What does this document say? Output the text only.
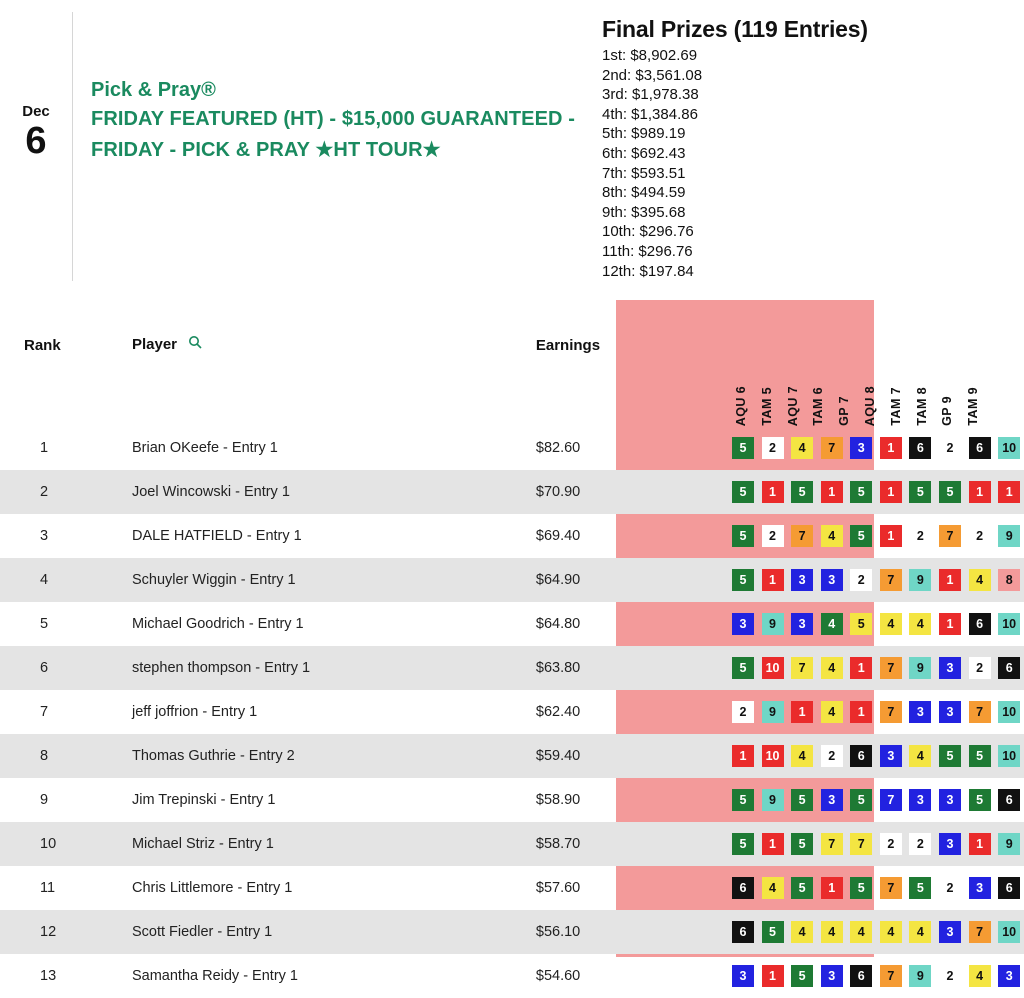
Dec
6
Pick & Pray®
FRIDAY FEATURED (HT) - $15,000 GUARANTEED - FRIDAY - PICK & PRAY ★HT TOUR★
Final Prizes (119 Entries)
1st: $8,902.69
2nd: $3,561.08
3rd: $1,978.38
4th: $1,384.86
5th: $989.19
6th: $692.43
7th: $593.51
8th: $494.59
9th: $395.68
10th: $296.76
11th: $296.76
12th: $197.84
Rank	Player	Earnings	
AQU 6 TAM 5 AQU 7 TAM 6 GP 7 AQU 8 TAM 7 TAM 8 GP 9 TAM 9

1	Brian OKeefe - Entry 1	$82.60	5	2	4	7	3	1	6	2	6	10

2	Joel Wincowski - Entry 1	$70.90	5	1	5	1	5	1	5	5	1	1

3	DALE HATFIELD - Entry 1	$69.40	5	2	7	4	5	1	2	7	2	9

4	Schuyler Wiggin - Entry 1	$64.90	5	1	3	3	2	7	9	1	4	8

5	Michael Goodrich - Entry 1	$64.80	3	9	3	4	5	4	4	1	6	10

6	stephen thompson - Entry 1	$63.80	5	10	7	4	1	7	9	3	2	6

7	jeff joffrion - Entry 1	$62.40	2	9	1	4	1	7	3	3	7	10

8	Thomas Guthrie - Entry 2	$59.40	1	10	4	2	6	3	4	5	5	10

9	Jim Trepinski - Entry 1	$58.90	5	9	5	3	5	7	3	3	5	6

10	Michael Striz - Entry 1	$58.70	5	1	5	7	7	2	2	3	1	9

11	Chris Littlemore - Entry 1	$57.60	6	4	5	1	5	7	5	2	3	6

12	Scott Fiedler - Entry 1	$56.10	6	5	4	4	4	4	4	3	7	10

13	Samantha Reidy - Entry 1	$54.60	3	1	5	3	6	7	9	2	4	3
